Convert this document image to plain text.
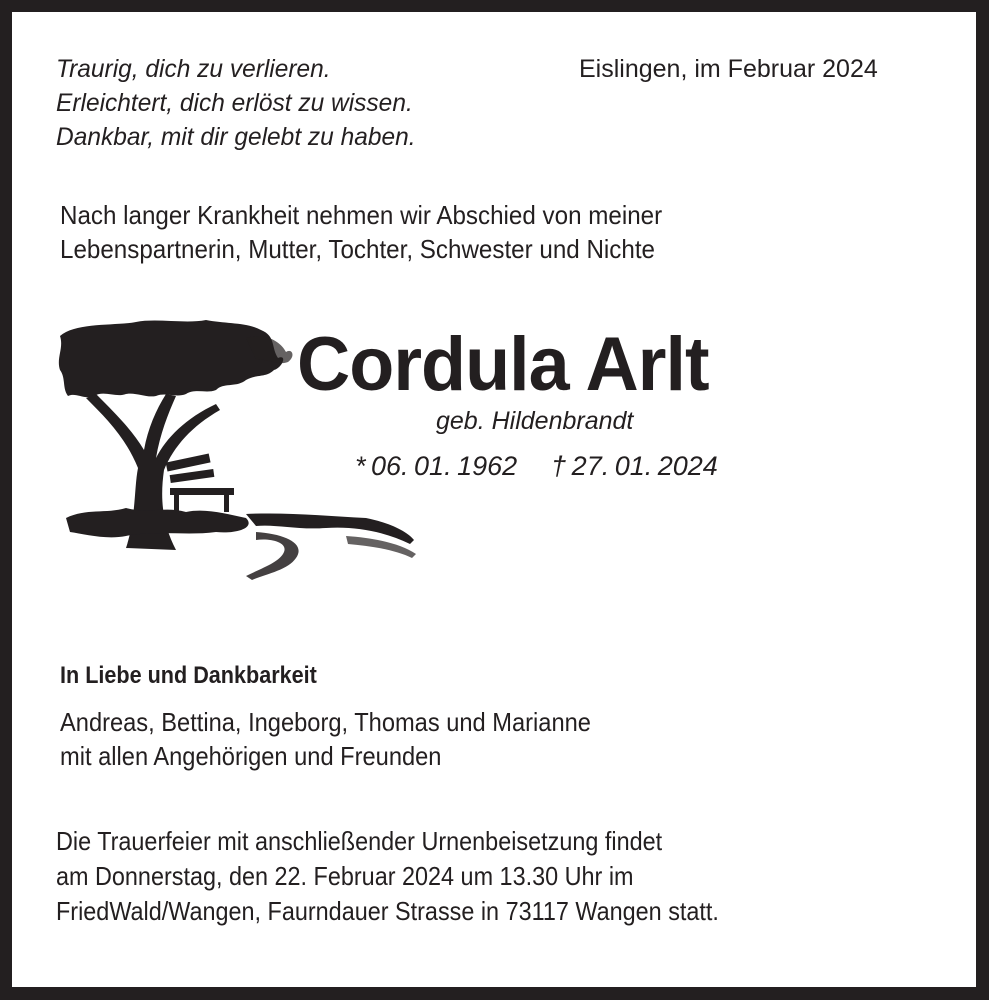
Traurig, dich zu verlieren.
Erleichtert, dich erlöst zu wissen.
Dankbar, mit dir gelebt zu haben.
Eislingen, im Februar 2024
Nach langer Krankheit nehmen wir Abschied von meiner
Lebenspartnerin, Mutter, Tochter, Schwester und Nichte
Cordula Arlt
geb. Hildenbrandt
* 06. 01. 1962 † 27. 01. 2024
In Liebe und Dankbarkeit
Andreas, Bettina, Ingeborg, Thomas und Marianne
mit allen Angehörigen und Freunden
Die Trauerfeier mit anschließender Urnenbeisetzung findet
am Donnerstag, den 22. Februar 2024 um 13.30 Uhr im
FriedWald/Wangen, Faurndauer Strasse in 73117 Wangen statt.
